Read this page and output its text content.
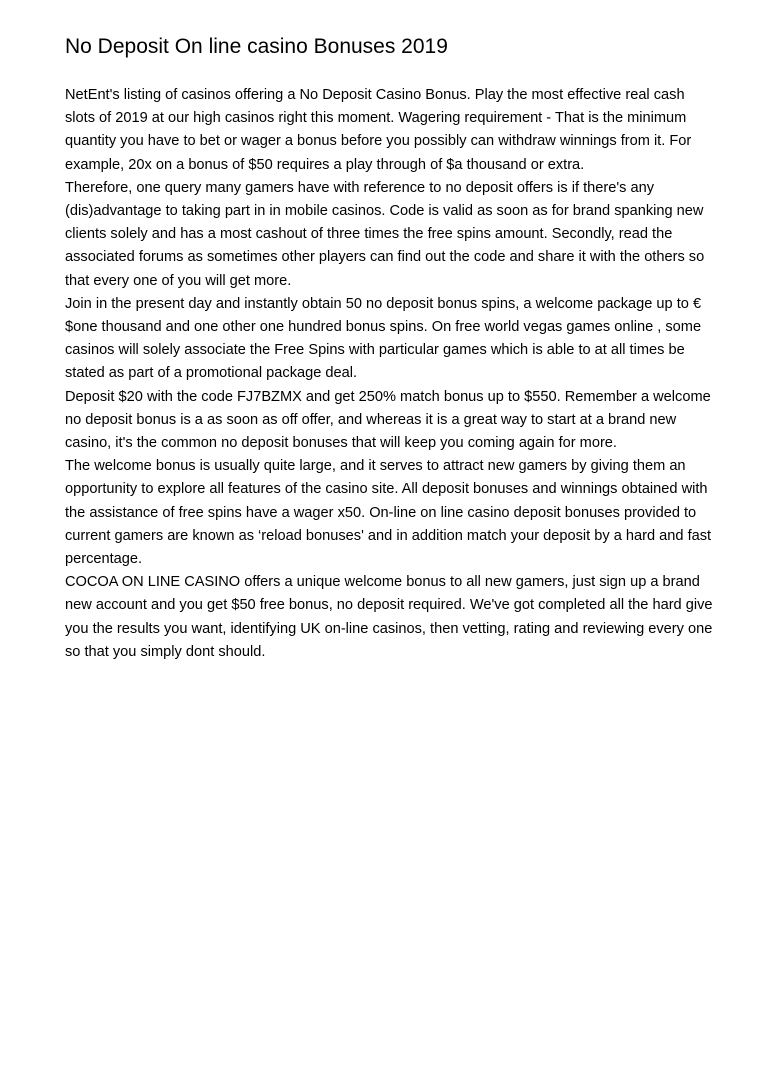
No Deposit On line casino Bonuses 2019

NetEnt's listing of casinos offering a No Deposit Casino Bonus. Play the most effective real cash slots of 2019 at our high casinos right this moment. Wagering requirement - That is the minimum quantity you have to bet or wager a bonus before you possibly can withdraw winnings from it. For example, 20x on a bonus of $50 requires a play through of $a thousand or extra.

Therefore, one query many gamers have with reference to no deposit offers is if there's any (dis)advantage to taking part in in mobile casinos. Code is valid as soon as for brand spanking new clients solely and has a most cashout of three times the free spins amount. Secondly, read the associated forums as sometimes other players can find out the code and share it with the others so that every one of you will get more.

Join in the present day and instantly obtain 50 no deposit bonus spins, a welcome package up to €$one thousand and one other one hundred bonus spins. On free world vegas games online , some casinos will solely associate the Free Spins with particular games which is able to at all times be stated as part of a promotional package deal.

Deposit $20 with the code FJ7BZMX and get 250% match bonus up to $550. Remember a welcome no deposit bonus is a as soon as off offer, and whereas it is a great way to start at a brand new casino, it's the common no deposit bonuses that will keep you coming again for more.

The welcome bonus is usually quite large, and it serves to attract new gamers by giving them an opportunity to explore all features of the casino site. All deposit bonuses and winnings obtained with the assistance of free spins have a wager x50. On-line on line casino deposit bonuses provided to current gamers are known as ‘reload bonuses' and in addition match your deposit by a hard and fast percentage.

COCOA ON LINE CASINO offers a unique welcome bonus to all new gamers, just sign up a brand new account and you get $50 free bonus, no deposit required. We've got completed all the hard give you the results you want, identifying UK on-line casinos, then vetting, rating and reviewing every one so that you simply dont should.
